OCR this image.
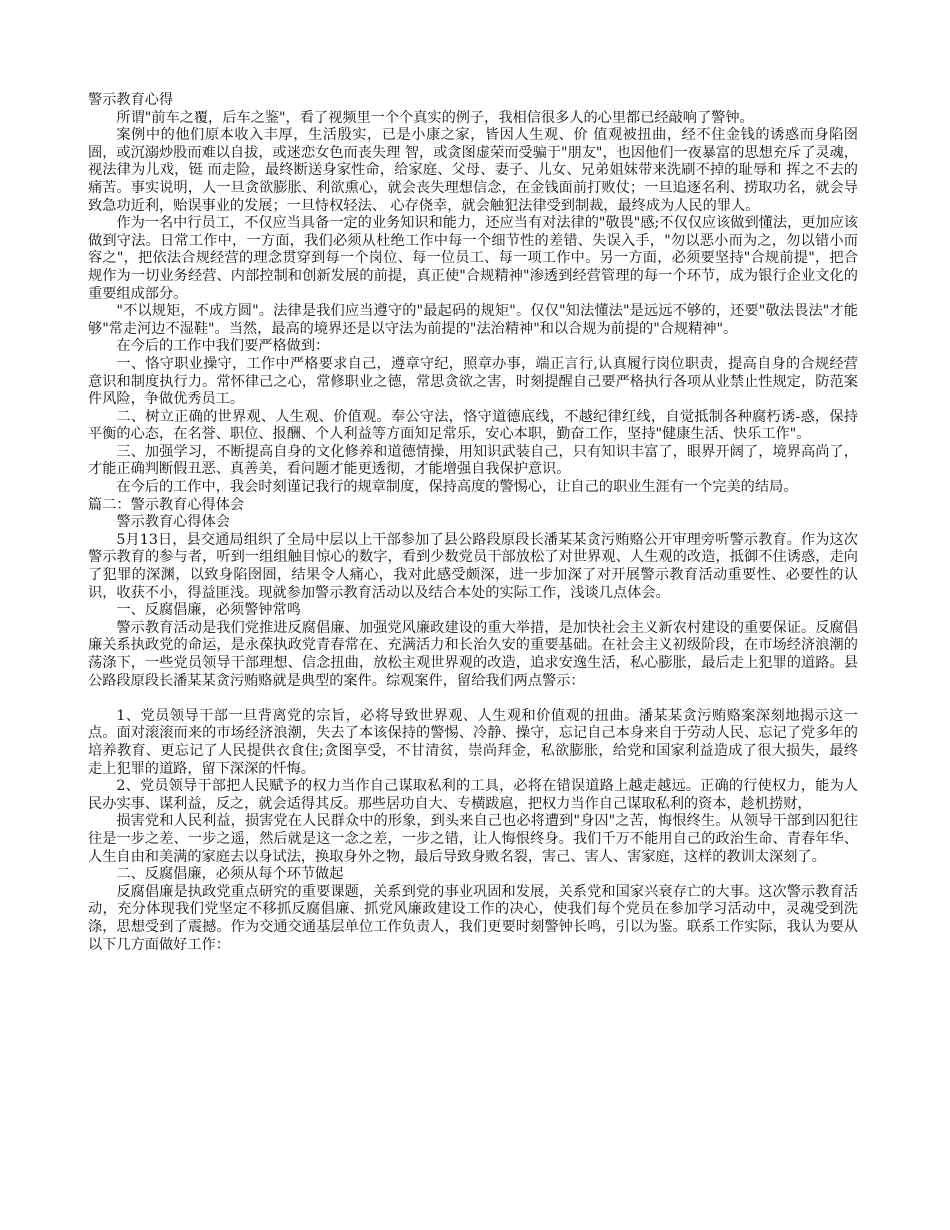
警示教育心得

所谓"前车之覆，后车之鉴"，看了视频里一个个真实的例子，我相信很多人的心里都已经敲响了警钟。

案例中的他们原本收入丰厚，生活殷实，已是小康之家，皆因人生观、价 值观被扭曲，经不住金钱的诱惑而身陷囹圄，或沉溺炒股而难以自拔，或迷恋女色而丧失理 智，或贪图虚荣而受骗于"朋友"，也因他们一夜暴富的思想充斥了灵魂，视法律为儿戏，铤 而走险，最终断送身家性命，给家庭、父母、妻子、儿女、兄弟姐妹带来洗刷不掉的耻辱和 挥之不去的痛苦。事实说明，人一旦贪欲膨胀、利欲熏心，就会丧失理想信念，在金钱面前打败仗；一旦追逐名利、捞取功名，就会导致急功近利，贻误事业的发展；一旦恃权轻法、 心存侥幸，就会触犯法律受到制裁，最终成为人民的罪人。

作为一名中行员工，不仅应当具备一定的业务知识和能力，还应当有对法律的"敬畏"感;不仅仅应该做到懂法，更加应该做到守法。日常工作中，一方面，我们必须从杜绝工作中每一个细节性的差错、失误入手，"勿以恶小而为之，勿以错小而容之"，把依法合规经营的理念贯穿到每一个岗位、每一位员工、每一项工作中。另一方面，必须要坚持"合规前提"，把合规作为一切业务经营、内部控制和创新发展的前提，真正使"合规精神"渗透到经营管理的每一个环节，成为银行企业文化的重要组成部分。

"不以规矩，不成方圆"。法律是我们应当遵守的"最起码的规矩"。仅仅"知法懂法"是远远不够的，还要"敬法畏法"才能够"常走河边不湿鞋"。当然，最高的境界还是以守法为前提的"法治精神"和以合规为前提的"合规精神"。

在今后的工作中我们要严格做到：

一、恪守职业操守，工作中严格要求自己，遵章守纪，照章办事，端正言行,认真履行岗位职责，提高自身的合规经营意识和制度执行力。常怀律己之心，常修职业之德，常思贪欲之害，时刻提醒自己要严格执行各项从业禁止性规定，防范案件风险，争做优秀员工。

二、树立正确的世界观、人生观、价值观。奉公守法，恪守道德底线，不越纪律红线，自觉抵制各种腐朽诱-惑，保持平衡的心态，在名誉、职位、报酬、个人利益等方面知足常乐，安心本职，勤奋工作，坚持"健康生活、快乐工作"。

三、加强学习，不断提高自身的文化修养和道德情操，用知识武装自己，只有知识丰富了，眼界开阔了，境界高尚了，才能正确判断假丑恶、真善美，看问题才能更透彻，才能增强自我保护意识。

在今后的工作中，我会时刻谨记我行的规章制度，保持高度的警惕心，让自己的职业生涯有一个完美的结局。

篇二：警示教育心得体会

警示教育心得体会

5月13日，县交通局组织了全局中层以上干部参加了县公路段原段长潘某某贪污贿赂公开审理旁听警示教育。作为这次警示教育的参与者，听到一组组触目惊心的数字，看到少数党员干部放松了对世界观、人生观的改造，抵御不住诱惑，走向了犯罪的深渊，以致身陷囹圄，结果令人痛心，我对此感受颇深，进一步加深了对开展警示教育活动重要性、必要性的认识，收获不小，得益匪浅。现就参加警示教育活动以及结合本处的实际工作，浅谈几点体会。

一、反腐倡廉，必须警钟常鸣

警示教育活动是我们党推进反腐倡廉、加强党风廉政建设的重大举措，是加快社会主义新农村建设的重要保证。反腐倡廉关系执政党的命运，是永葆执政党青春常在、充满活力和长治久安的重要基础。在社会主义初级阶段，在市场经济浪潮的荡涤下，一些党员领导干部理想、信念扭曲，放松主观世界观的改造，追求安逸生活，私心膨胀，最后走上犯罪的道路。县公路段原段长潘某某贪污贿赂就是典型的案件。综观案件，留给我们两点警示：

1、党员领导干部一旦背离党的宗旨，必将导致世界观、人生观和价值观的扭曲。潘某某贪污贿赂案深刻地揭示这一点。面对滚滚而来的市场经济浪潮，失去了本该保持的警惕、冷静、操守，忘记自己本身来自于劳动人民、忘记了党多年的培养教育、更忘记了人民提供衣食住;贪图享受，不甘清贫，崇尚拜金，私欲膨胀，给党和国家利益造成了很大损失，最终走上犯罪的道路，留下深深的忏悔。

2、党员领导干部把人民赋予的权力当作自己谋取私利的工具，必将在错误道路上越走越远。正确的行使权力，能为人民办实事、谋利益，反之，就会适得其反。那些居功自大、专横跋扈，把权力当作自己谋取私利的资本，趁机捞财，

损害党和人民利益，损害党在人民群众中的形象，到头来自己也必将遭到"身囚"之苦，悔恨终生。从领导干部到囚犯往往是一步之差、一步之遥，然后就是这一念之差，一步之错，让人悔恨终身。我们千万不能用自己的政治生命、青春年华、人生自由和美满的家庭去以身试法，换取身外之物，最后导致身败名裂，害己、害人、害家庭，这样的教训太深刻了。

二、反腐倡廉，必须从每个环节做起

反腐倡廉是执政党重点研究的重要课题，关系到党的事业巩固和发展，关系党和国家兴衰存亡的大事。这次警示教育活动，充分体现我们党坚定不移抓反腐倡廉、抓党风廉政建设工作的决心，使我们每个党员在参加学习活动中，灵魂受到洗涤，思想受到了震撼。作为交通交通基层单位工作负责人，我们更要时刻警钟长鸣，引以为鉴。联系工作实际，我认为要从以下几方面做好工作：
